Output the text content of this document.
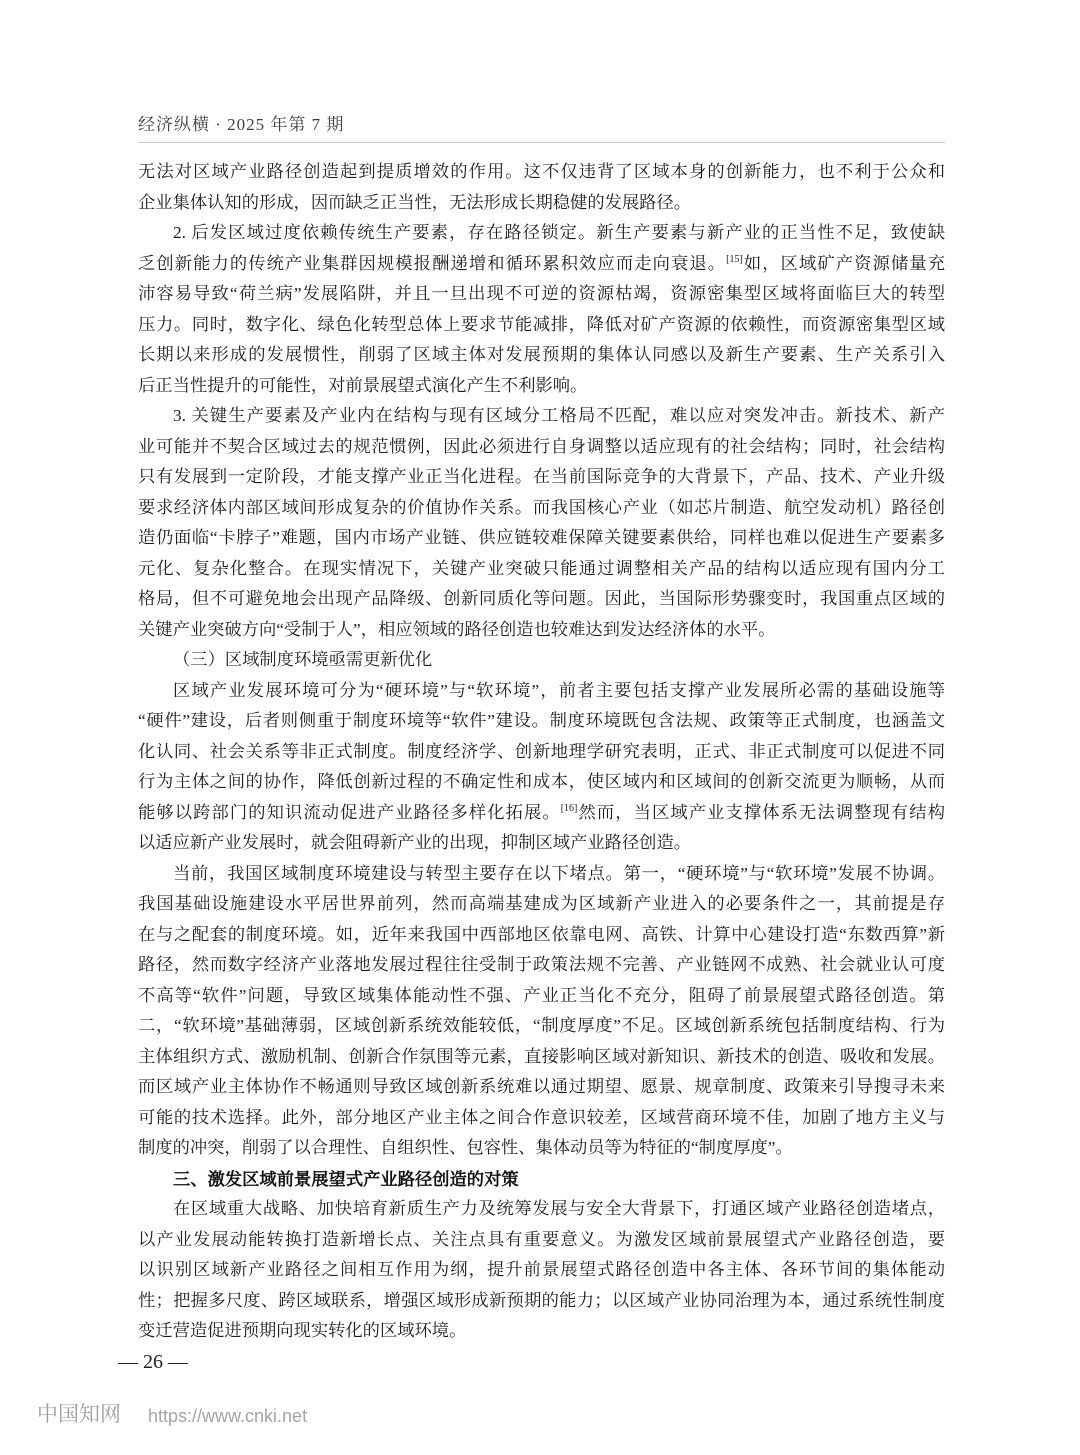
经济纵横 · 2025 年第 7 期
无法对区域产业路径创造起到提质增效的作用。这不仅违背了区域本身的创新能力，也不利于公众和
企业集体认知的形成，因而缺乏正当性，无法形成长期稳健的发展路径。
2. 后发区域过度依赖传统生产要素，存在路径锁定。新生产要素与新产业的正当性不足，致使缺
乏创新能力的传统产业集群因规模报酬递增和循环累积效应而走向衰退。[15]如，区域矿产资源储量充
沛容易导致“荷兰病”发展陷阱，并且一旦出现不可逆的资源枯竭，资源密集型区域将面临巨大的转型
压力。同时，数字化、绿色化转型总体上要求节能减排，降低对矿产资源的依赖性，而资源密集型区域
长期以来形成的发展惯性，削弱了区域主体对发展预期的集体认同感以及新生产要素、生产关系引入
后正当性提升的可能性，对前景展望式演化产生不利影响。
3. 关键生产要素及产业内在结构与现有区域分工格局不匹配，难以应对突发冲击。新技术、新产
业可能并不契合区域过去的规范惯例，因此必须进行自身调整以适应现有的社会结构；同时，社会结构
只有发展到一定阶段，才能支撑产业正当化进程。在当前国际竞争的大背景下，产品、技术、产业升级
要求经济体内部区域间形成复杂的价值协作关系。而我国核心产业（如芯片制造、航空发动机）路径创
造仍面临“卡脖子”难题，国内市场产业链、供应链较难保障关键要素供给，同样也难以促进生产要素多
元化、复杂化整合。在现实情况下，关键产业突破只能通过调整相关产品的结构以适应现有国内分工
格局，但不可避免地会出现产品降级、创新同质化等问题。因此，当国际形势骤变时，我国重点区域的
关键产业突破方向“受制于人”，相应领域的路径创造也较难达到发达经济体的水平。
（三）区域制度环境亟需更新优化
区域产业发展环境可分为“硬环境”与“软环境”，前者主要包括支撑产业发展所必需的基础设施等
“硬件”建设，后者则侧重于制度环境等“软件”建设。制度环境既包含法规、政策等正式制度，也涵盖文
化认同、社会关系等非正式制度。制度经济学、创新地理学研究表明，正式、非正式制度可以促进不同
行为主体之间的协作，降低创新过程的不确定性和成本，使区域内和区域间的创新交流更为顺畅，从而
能够以跨部门的知识流动促进产业路径多样化拓展。[16]然而，当区域产业支撑体系无法调整现有结构
以适应新产业发展时，就会阻碍新产业的出现，抑制区域产业路径创造。
当前，我国区域制度环境建设与转型主要存在以下堵点。第一，“硬环境”与“软环境”发展不协调。
我国基础设施建设水平居世界前列，然而高端基建成为区域新产业进入的必要条件之一，其前提是存
在与之配套的制度环境。如，近年来我国中西部地区依靠电网、高铁、计算中心建设打造“东数西算”新
路径，然而数字经济产业落地发展过程往往受制于政策法规不完善、产业链网不成熟、社会就业认可度
不高等“软件”问题，导致区域集体能动性不强、产业正当化不充分，阻碍了前景展望式路径创造。第
二，“软环境”基础薄弱，区域创新系统效能较低，“制度厚度”不足。区域创新系统包括制度结构、行为
主体组织方式、激励机制、创新合作氛围等元素，直接影响区域对新知识、新技术的创造、吸收和发展。
而区域产业主体协作不畅通则导致区域创新系统难以通过期望、愿景、规章制度、政策来引导搜寻未来
可能的技术选择。此外，部分地区产业主体之间合作意识较差，区域营商环境不佳，加剧了地方主义与
制度的冲突，削弱了以合理性、自组织性、包容性、集体动员等为特征的“制度厚度”。
三、激发区域前景展望式产业路径创造的对策
在区域重大战略、加快培育新质生产力及统筹发展与安全大背景下，打通区域产业路径创造堵点，
以产业发展动能转换打造新增长点、关注点具有重要意义。为激发区域前景展望式产业路径创造，要
以识别区域新产业路径之间相互作用为纲，提升前景展望式路径创造中各主体、各环节间的集体能动
性；把握多尺度、跨区域联系，增强区域形成新预期的能力；以区域产业协同治理为本，通过系统性制度
变迁营造促进预期向现实转化的区域环境。
— 26 —
中国知网 https://www.cnki.net
